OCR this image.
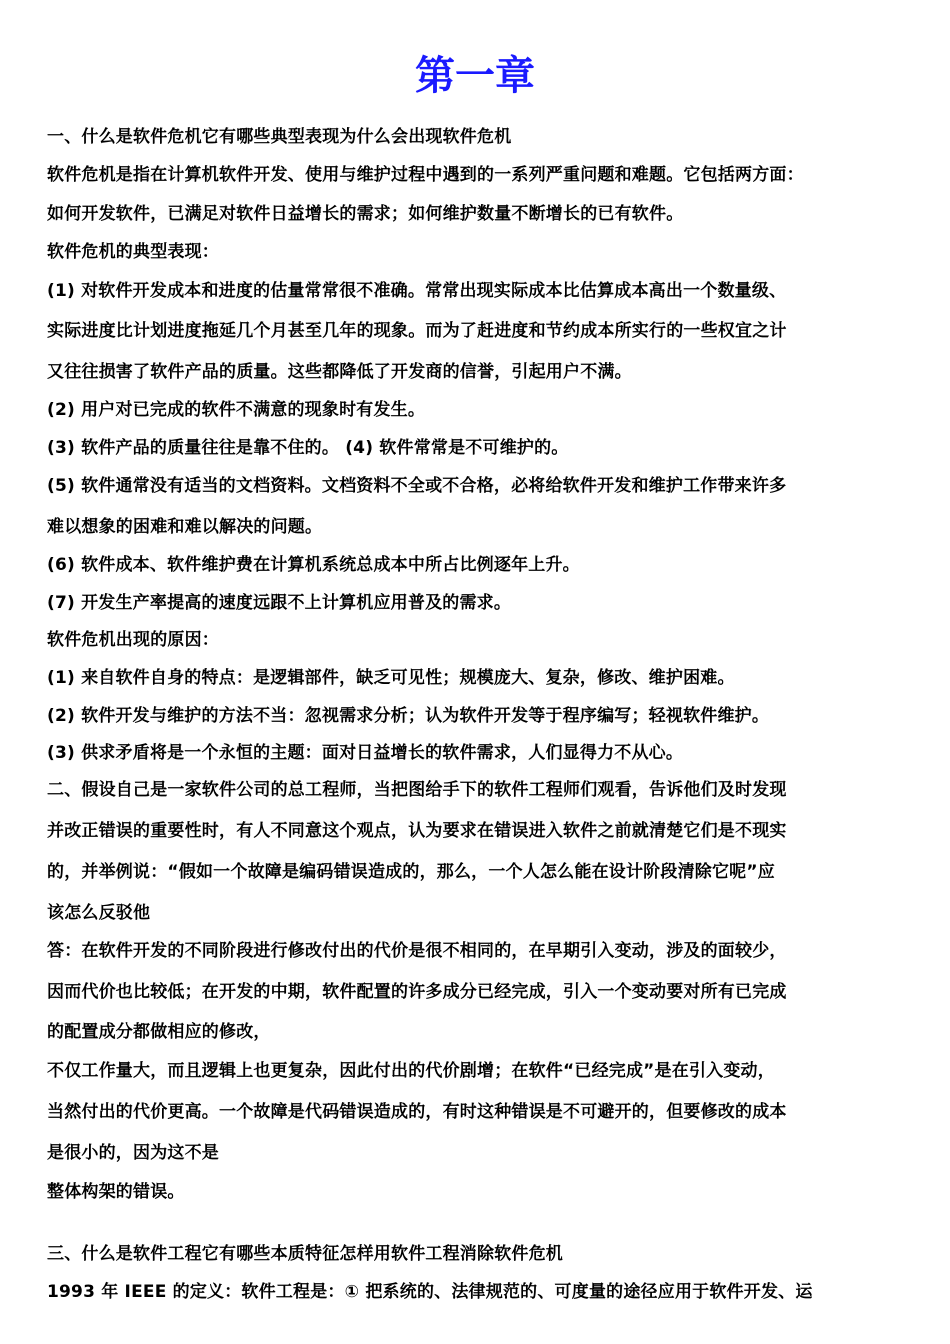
第一章
一、什么是软件危机它有哪些典型表现为什么会出现软件危机
软件危机是指在计算机软件开发、使用与维护过程中遇到的一系列严重问题和难题。它包括两方面：
如何开发软件，已满足对软件日益增长的需求；如何维护数量不断增长的已有软件。
软件危机的典型表现：
(1) 对软件开发成本和进度的估量常常很不准确。常常出现实际成本比估算成本高出一个数量级、
实际进度比计划进度拖延几个月甚至几年的现象。而为了赶进度和节约成本所实行的一些权宜之计
又往往损害了软件产品的质量。这些都降低了开发商的信誉，引起用户不满。
(2) 用户对已完成的软件不满意的现象时有发生。
(3) 软件产品的质量往往是靠不住的。 (4) 软件常常是不可维护的。
(5) 软件通常没有适当的文档资料。文档资料不全或不合格，必将给软件开发和维护工作带来许多
难以想象的困难和难以解决的问题。
(6) 软件成本、软件维护费在计算机系统总成本中所占比例逐年上升。
(7) 开发生产率提高的速度远跟不上计算机应用普及的需求。
软件危机出现的原因：
(1) 来自软件自身的特点：是逻辑部件，缺乏可见性；规模庞大、复杂，修改、维护困难。
(2) 软件开发与维护的方法不当：忽视需求分析；认为软件开发等于程序编写；轻视软件维护。
(3) 供求矛盾将是一个永恒的主题：面对日益增长的软件需求，人们显得力不从心。
二、假设自己是一家软件公司的总工程师，当把图给手下的软件工程师们观看，告诉他们及时发现
并改正错误的重要性时，有人不同意这个观点，认为要求在错误进入软件之前就清楚它们是不现实
的，并举例说：“假如一个故障是编码错误造成的，那么，一个人怎么能在设计阶段清除它呢”应
该怎么反驳他
答：在软件开发的不同阶段进行修改付出的代价是很不相同的，在早期引入变动，涉及的面较少，
因而代价也比较低；在开发的中期，软件配置的许多成分已经完成，引入一个变动要对所有已完成
的配置成分都做相应的修改，
不仅工作量大，而且逻辑上也更复杂，因此付出的代价剧增；在软件“已经完成”是在引入变动，
当然付出的代价更高。一个故障是代码错误造成的，有时这种错误是不可避开的，但要修改的成本
是很小的，因为这不是
整体构架的错误。
三、什么是软件工程它有哪些本质特征怎样用软件工程消除软件危机
1993 年 IEEE 的定义：软件工程是：① 把系统的、法律规范的、可度量的途径应用于软件开发、运
